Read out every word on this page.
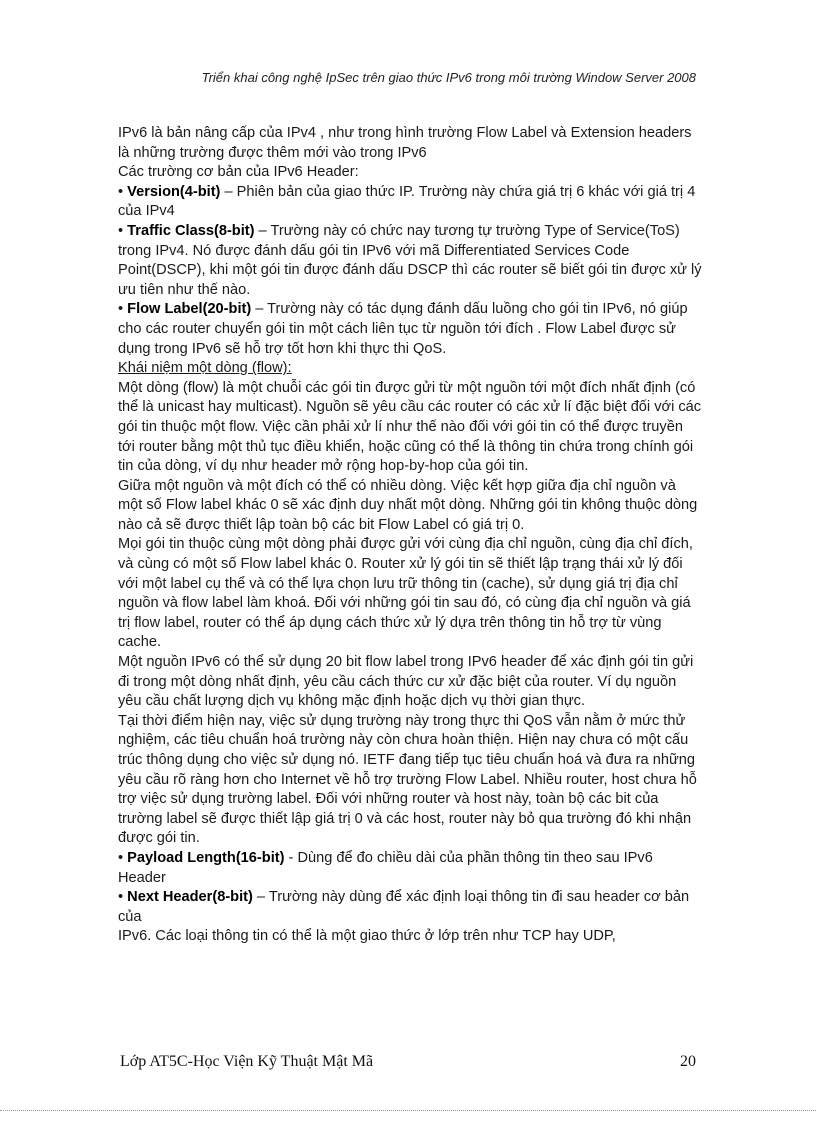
Triển khai công nghệ IpSec trên giao thức IPv6 trong môi trường Window Server 2008

IPv6 là bản nâng cấp của IPv4 , như trong hình trường Flow Label và Extension headers là những trường được thêm mới vào trong IPv6

Các trường cơ bản của IPv6 Header:

• Version(4-bit) – Phiên bản của giao thức IP. Trường này chứa giá trị 6 khác với giá trị 4 của IPv4

• Traffic Class(8-bit) – Trường này có chức nay tương tự trường Type of Service(ToS) trong IPv4. Nó được đánh dấu gói tin IPv6 với mã Differentiated Services Code Point(DSCP), khi một gói tin được đánh dấu DSCP thì các router sẽ biết gói tin được xử lý ưu tiên như thế nào.

• Flow Label(20-bit) – Trường này có tác dụng đánh dấu luồng cho gói tin IPv6, nó giúp cho các router chuyển gói tin một cách liên tục từ nguồn tới đích . Flow Label được sử dụng trong IPv6 sẽ hỗ trợ tốt hơn khi thực thi QoS.

Khái niệm một dòng (flow):

Một dòng (flow) là một chuỗi các gói tin được gửi từ một nguồn tới một đích nhất định (có thể là unicast hay multicast). Nguồn sẽ yêu cầu các router có các xử lí đặc biệt đối với các gói tin thuộc một flow. Việc cần phải xử lí như thế nào đối với gói tin có thể được truyền tới router bằng một thủ tục điều khiển, hoặc cũng có thể là thông tin chứa trong chính gói tin của dòng, ví dụ như header mở rộng hop-by-hop của gói tin.

Giữa một nguồn và một đích có thể có nhiều dòng. Việc kết hợp giữa địa chỉ nguồn và một số Flow label khác 0 sẽ xác định duy nhất một dòng. Những gói tin không thuộc dòng nào cả sẽ được thiết lập toàn bộ các bit Flow Label có giá trị 0.

Mọi gói tin thuộc cùng một dòng phải được gửi với cùng địa chỉ nguồn, cùng địa chỉ đích, và cùng có một số Flow label khác 0. Router xử lý gói tin sẽ thiết lập trạng thái xử lý đối với một label cụ thể và có thể lựa chọn lưu trữ thông tin (cache), sử dụng giá trị địa chỉ nguồn và flow label làm khoá. Đối với những gói tin sau đó, có cùng địa chỉ nguồn và giá trị flow label, router có thể áp dụng cách thức xử lý dựa trên thông tin hỗ trợ từ vùng cache.

Một nguồn IPv6 có thể sử dụng 20 bit flow label trong IPv6 header để xác định gói tin gửi đi trong một dòng nhất định, yêu cầu cách thức cư xử đặc biệt của router. Ví dụ nguồn yêu cầu chất lượng dịch vụ không mặc định hoặc dịch vụ thời gian thực.

Tại thời điểm hiện nay, việc sử dụng trường này trong thực thi QoS vẫn nằm ở mức thử nghiệm, các tiêu chuẩn hoá trường này còn chưa hoàn thiện. Hiện nay chưa có một cấu trúc thông dụng cho việc sử dụng nó. IETF đang tiếp tục tiêu chuẩn hoá và đưa ra những yêu cầu rõ ràng hơn cho Internet về hỗ trợ trường Flow Label. Nhiều router, host chưa hỗ trợ việc sử dụng trường label. Đối với những router và host này, toàn bộ các bit của trường label sẽ được thiết lập giá trị 0 và các host, router này bỏ qua trường đó khi nhận được gói tin.

• Payload Length(16-bit) - Dùng để đo chiều dài của phần thông tin theo sau IPv6 Header

• Next Header(8-bit) – Trường này dùng để xác định loại thông tin đi sau header cơ bản của

IPv6. Các loại thông tin có thể là một giao thức ở lớp trên như TCP hay UDP,

Lớp AT5C-Học Viện Kỹ Thuật Mật Mã	20
